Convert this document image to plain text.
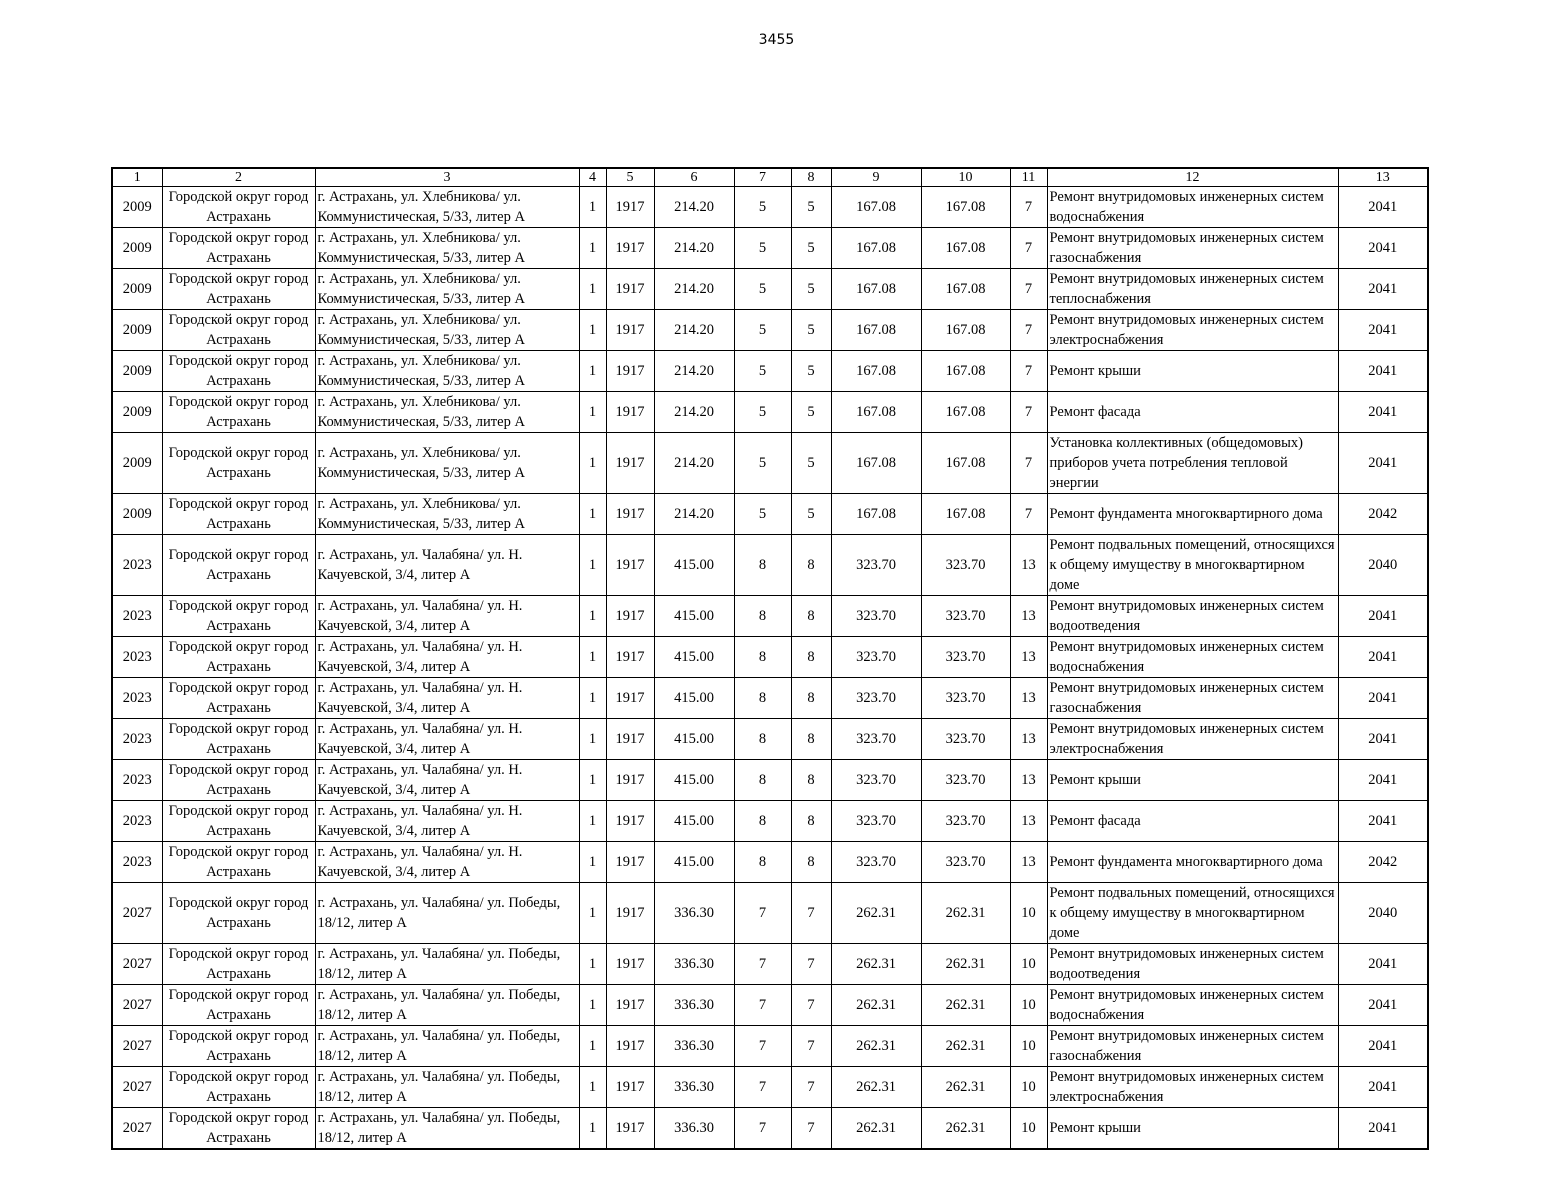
3455
1	2	3	4	5	6	7	8	9	10	11	12	13
2009	Городской округ город Астрахань	г. Астрахань, ул. Хлебникова/ ул. Коммунистическая, 5/33, литер А	1	1917	214.20	5	5	167.08	167.08	7	Ремонт внутридомовых инженерных систем водоснабжения	2041
2009	Городской округ город Астрахань	г. Астрахань, ул. Хлебникова/ ул. Коммунистическая, 5/33, литер А	1	1917	214.20	5	5	167.08	167.08	7	Ремонт внутридомовых инженерных систем газоснабжения	2041
2009	Городской округ город Астрахань	г. Астрахань, ул. Хлебникова/ ул. Коммунистическая, 5/33, литер А	1	1917	214.20	5	5	167.08	167.08	7	Ремонт внутридомовых инженерных систем теплоснабжения	2041
2009	Городской округ город Астрахань	г. Астрахань, ул. Хлебникова/ ул. Коммунистическая, 5/33, литер А	1	1917	214.20	5	5	167.08	167.08	7	Ремонт внутридомовых инженерных систем электроснабжения	2041
2009	Городской округ город Астрахань	г. Астрахань, ул. Хлебникова/ ул. Коммунистическая, 5/33, литер А	1	1917	214.20	5	5	167.08	167.08	7	Ремонт крыши	2041
2009	Городской округ город Астрахань	г. Астрахань, ул. Хлебникова/ ул. Коммунистическая, 5/33, литер А	1	1917	214.20	5	5	167.08	167.08	7	Ремонт фасада	2041
2009	Городской округ город Астрахань	г. Астрахань, ул. Хлебникова/ ул. Коммунистическая, 5/33, литер А	1	1917	214.20	5	5	167.08	167.08	7	Установка коллективных (общедомовых) приборов учета потребления тепловой энергии	2041
2009	Городской округ город Астрахань	г. Астрахань, ул. Хлебникова/ ул. Коммунистическая, 5/33, литер А	1	1917	214.20	5	5	167.08	167.08	7	Ремонт фундамента многоквартирного дома	2042
2023	Городской округ город Астрахань	г. Астрахань, ул. Чалабяна/ ул. Н. Качуевской, 3/4, литер А	1	1917	415.00	8	8	323.70	323.70	13	Ремонт подвальных помещений, относящихся к общему имуществу в многоквартирном доме	2040
2023	Городской округ город Астрахань	г. Астрахань, ул. Чалабяна/ ул. Н. Качуевской, 3/4, литер А	1	1917	415.00	8	8	323.70	323.70	13	Ремонт внутридомовых инженерных систем водоотведения	2041
2023	Городской округ город Астрахань	г. Астрахань, ул. Чалабяна/ ул. Н. Качуевской, 3/4, литер А	1	1917	415.00	8	8	323.70	323.70	13	Ремонт внутридомовых инженерных систем водоснабжения	2041
2023	Городской округ город Астрахань	г. Астрахань, ул. Чалабяна/ ул. Н. Качуевской, 3/4, литер А	1	1917	415.00	8	8	323.70	323.70	13	Ремонт внутридомовых инженерных систем газоснабжения	2041
2023	Городской округ город Астрахань	г. Астрахань, ул. Чалабяна/ ул. Н. Качуевской, 3/4, литер А	1	1917	415.00	8	8	323.70	323.70	13	Ремонт внутридомовых инженерных систем электроснабжения	2041
2023	Городской округ город Астрахань	г. Астрахань, ул. Чалабяна/ ул. Н. Качуевской, 3/4, литер А	1	1917	415.00	8	8	323.70	323.70	13	Ремонт крыши	2041
2023	Городской округ город Астрахань	г. Астрахань, ул. Чалабяна/ ул. Н. Качуевской, 3/4, литер А	1	1917	415.00	8	8	323.70	323.70	13	Ремонт фасада	2041
2023	Городской округ город Астрахань	г. Астрахань, ул. Чалабяна/ ул. Н. Качуевской, 3/4, литер А	1	1917	415.00	8	8	323.70	323.70	13	Ремонт фундамента многоквартирного дома	2042
2027	Городской округ город Астрахань	г. Астрахань, ул. Чалабяна/ ул. Победы, 18/12, литер А	1	1917	336.30	7	7	262.31	262.31	10	Ремонт подвальных помещений, относящихся к общему имуществу в многоквартирном доме	2040
2027	Городской округ город Астрахань	г. Астрахань, ул. Чалабяна/ ул. Победы, 18/12, литер А	1	1917	336.30	7	7	262.31	262.31	10	Ремонт внутридомовых инженерных систем водоотведения	2041
2027	Городской округ город Астрахань	г. Астрахань, ул. Чалабяна/ ул. Победы, 18/12, литер А	1	1917	336.30	7	7	262.31	262.31	10	Ремонт внутридомовых инженерных систем водоснабжения	2041
2027	Городской округ город Астрахань	г. Астрахань, ул. Чалабяна/ ул. Победы, 18/12, литер А	1	1917	336.30	7	7	262.31	262.31	10	Ремонт внутридомовых инженерных систем газоснабжения	2041
2027	Городской округ город Астрахань	г. Астрахань, ул. Чалабяна/ ул. Победы, 18/12, литер А	1	1917	336.30	7	7	262.31	262.31	10	Ремонт внутридомовых инженерных систем электроснабжения	2041
2027	Городской округ город Астрахань	г. Астрахань, ул. Чалабяна/ ул. Победы, 18/12, литер А	1	1917	336.30	7	7	262.31	262.31	10	Ремонт крыши	2041
